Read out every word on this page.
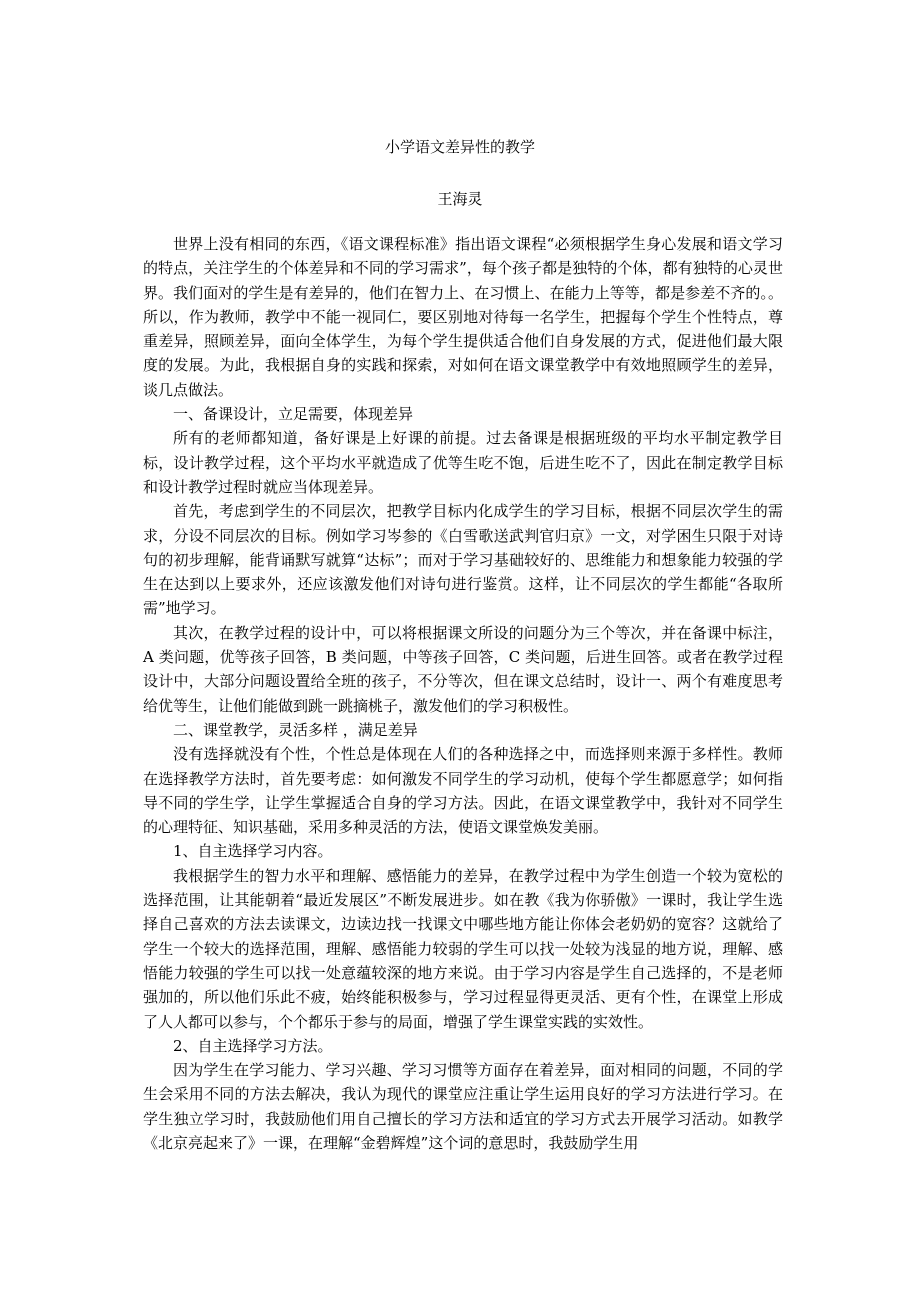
小学语文差异性的教学
王海灵

世界上没有相同的东西，《语文课程标准》指出语文课程“必须根据学生身心发展和语文学习的特点，关注学生的个体差异和不同的学习需求”，每个孩子都是独特的个体，都有独特的心灵世界。我们面对的学生是有差异的，他们在智力上、在习惯上、在能力上等等，都是参差不齐的。。所以，作为教师，教学中不能一视同仁，要区别地对待每一名学生，把握每个学生个性特点，尊重差异，照顾差异，面向全体学生，为每个学生提供适合他们自身发展的方式，促进他们最大限度的发展。为此，我根据自身的实践和探索，对如何在语文课堂教学中有效地照顾学生的差异，谈几点做法。

一、备课设计，立足需要，体现差异

所有的老师都知道，备好课是上好课的前提。过去备课是根据班级的平均水平制定教学目标，设计教学过程，这个平均水平就造成了优等生吃不饱，后进生吃不了，因此在制定教学目标和设计教学过程时就应当体现差异。

首先，考虑到学生的不同层次，把教学目标内化成学生的学习目标，根据不同层次学生的需求，分设不同层次的目标。例如学习岑参的《白雪歌送武判官归京》一文，对学困生只限于对诗句的初步理解，能背诵默写就算“达标”；而对于学习基础较好的、思维能力和想象能力较强的学生在达到以上要求外，还应该激发他们对诗句进行鉴赏。这样，让不同层次的学生都能“各取所需”地学习。

其次，在教学过程的设计中，可以将根据课文所设的问题分为三个等次，并在备课中标注，A 类问题，优等孩子回答，B 类问题，中等孩子回答，C 类问题，后进生回答。或者在教学过程设计中，大部分问题设置给全班的孩子，不分等次，但在课文总结时，设计一、两个有难度思考给优等生，让他们能做到跳一跳摘桃子，激发他们的学习积极性。

二、课堂教学，灵活多样 ，满足差异

没有选择就没有个性，个性总是体现在人们的各种选择之中，而选择则来源于多样性。教师在选择教学方法时，首先要考虑：如何激发不同学生的学习动机，使每个学生都愿意学；如何指导不同的学生学，让学生掌握适合自身的学习方法。因此，在语文课堂教学中，我针对不同学生的心理特征、知识基础，采用多种灵活的方法，使语文课堂焕发美丽。

1、自主选择学习内容。

我根据学生的智力水平和理解、感悟能力的差异，在教学过程中为学生创造一个较为宽松的选择范围，让其能朝着“最近发展区”不断发展进步。如在教《我为你骄傲》一课时，我让学生选择自己喜欢的方法去读课文，边读边找一找课文中哪些地方能让你体会老奶奶的宽容？这就给了学生一个较大的选择范围，理解、感悟能力较弱的学生可以找一处较为浅显的地方说，理解、感悟能力较强的学生可以找一处意蕴较深的地方来说。由于学习内容是学生自己选择的，不是老师强加的，所以他们乐此不疲，始终能积极参与，学习过程显得更灵活、更有个性，在课堂上形成了人人都可以参与，个个都乐于参与的局面，增强了学生课堂实践的实效性。

2、自主选择学习方法。

因为学生在学习能力、学习兴趣、学习习惯等方面存在着差异，面对相同的问题，不同的学生会采用不同的方法去解决，我认为现代的课堂应注重让学生运用良好的学习方法进行学习。在学生独立学习时，我鼓励他们用自己擅长的学习方法和适宜的学习方式去开展学习活动。如教学《北京亮起来了》一课，在理解“金碧辉煌”这个词的意思时，我鼓励学生用
